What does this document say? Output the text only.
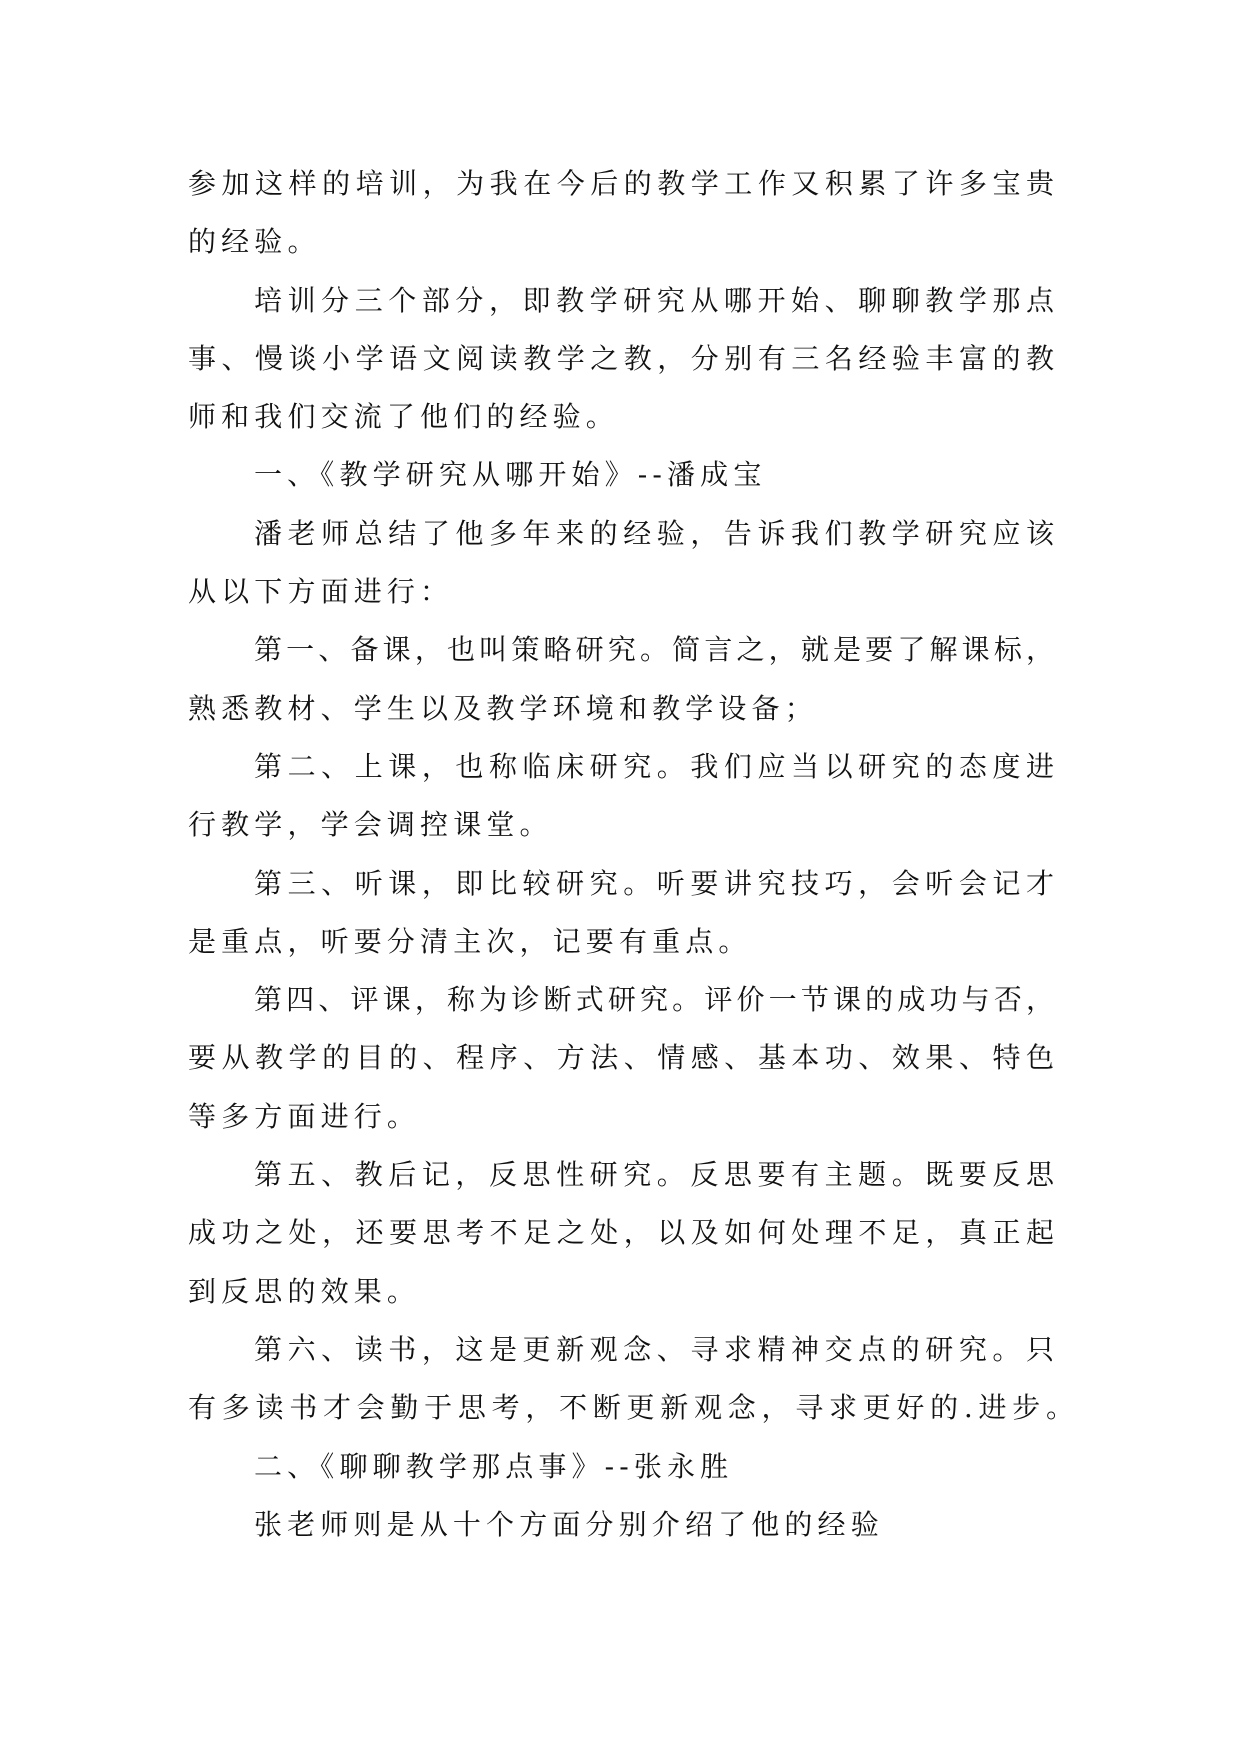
参加这样的培训，为我在今后的教学工作又积累了许多宝贵
的经验。
培训分三个部分，即教学研究从哪开始、聊聊教学那点
事、慢谈小学语文阅读教学之教，分别有三名经验丰富的教
师和我们交流了他们的经验。
一、《教学研究从哪开始》--潘成宝
潘老师总结了他多年来的经验，告诉我们教学研究应该
从以下方面进行：
第一、备课，也叫策略研究。简言之，就是要了解课标，
熟悉教材、学生以及教学环境和教学设备；
第二、上课，也称临床研究。我们应当以研究的态度进
行教学，学会调控课堂。
第三、听课，即比较研究。听要讲究技巧，会听会记才
是重点，听要分清主次，记要有重点。
第四、评课，称为诊断式研究。评价一节课的成功与否，
要从教学的目的、程序、方法、情感、基本功、效果、特色
等多方面进行。
第五、教后记，反思性研究。反思要有主题。既要反思
成功之处，还要思考不足之处，以及如何处理不足，真正起
到反思的效果。
第六、读书，这是更新观念、寻求精神交点的研究。只
有多读书才会勤于思考，不断更新观念，寻求更好的.进步。
二、《聊聊教学那点事》--张永胜
张老师则是从十个方面分别介绍了他的经验
